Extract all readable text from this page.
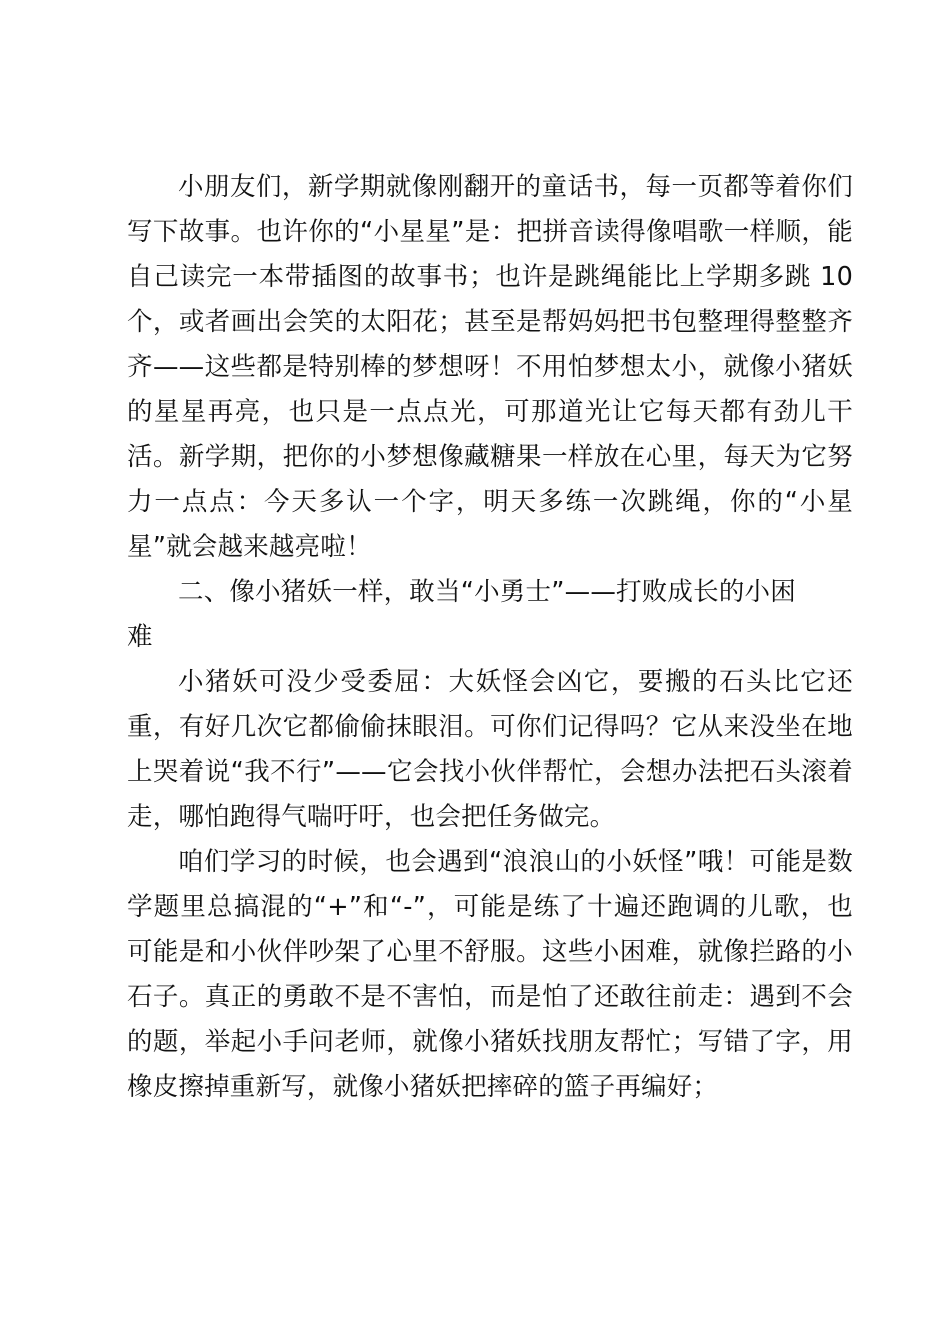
小朋友们，新学期就像刚翻开的童话书，每一页都等着你们写下故事。也许你的“小星星”是：把拼音读得像唱歌一样顺，能自己读完一本带插图的故事书；也许是跳绳能比上学期多跳 10 个，或者画出会笑的太阳花；甚至是帮妈妈把书包整理得整整齐齐——这些都是特别棒的梦想呀！不用怕梦想太小，就像小猪妖的星星再亮，也只是一点点光，可那道光让它每天都有劲儿干活。新学期，把你的小梦想像藏糖果一样放在心里，每天为它努力一点点：今天多认一个字，明天多练一次跳绳，你的“小星星”就会越来越亮啦！

二、像小猪妖一样，敢当“小勇士”——打败成长的小困
难

小猪妖可没少受委屈：大妖怪会凶它，要搬的石头比它还重，有好几次它都偷偷抹眼泪。可你们记得吗？它从来没坐在地上哭着说“我不行”——它会找小伙伴帮忙，会想办法把石头滚着走，哪怕跑得气喘吁吁，也会把任务做完。

咱们学习的时候，也会遇到“浪浪山的小妖怪”哦！可能是数学题里总搞混的“+”和“-”，可能是练了十遍还跑调的儿歌，也可能是和小伙伴吵架了心里不舒服。这些小困难，就像拦路的小石子。真正的勇敢不是不害怕，而是怕了还敢往前走：遇到不会的题，举起小手问老师，就像小猪妖找朋友帮忙；写错了字，用橡皮擦掉重新写，就像小猪妖把摔碎的篮子再编好；
